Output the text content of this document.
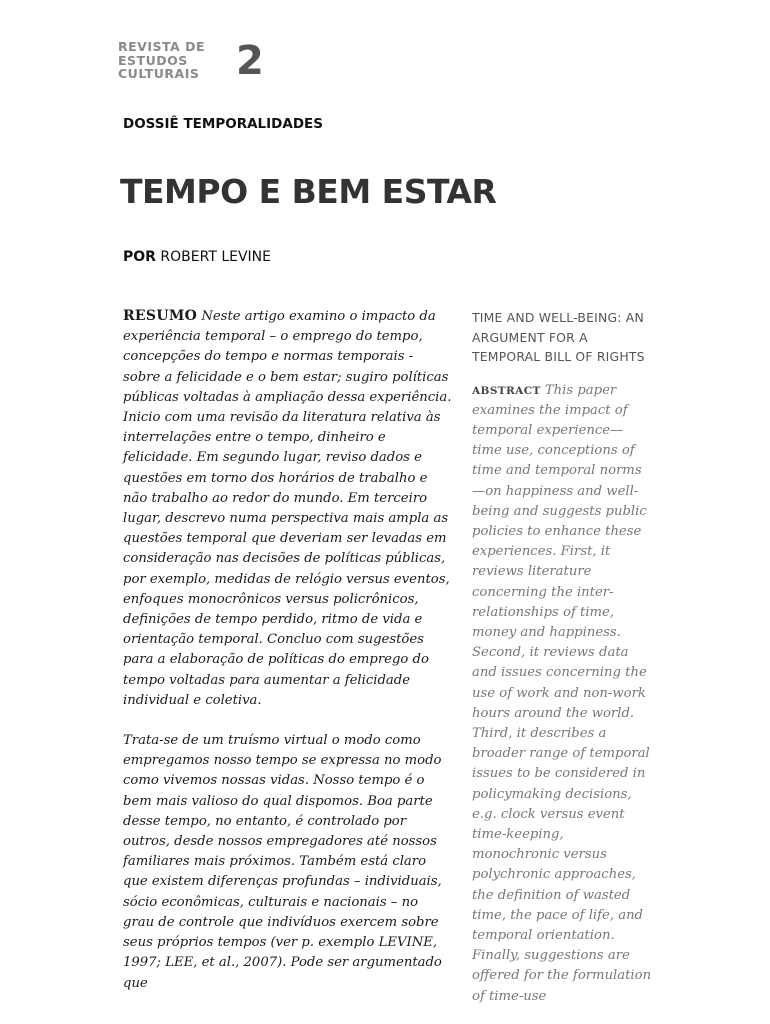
REVISTA DE
ESTUDOS
CULTURAIS 2
DOSSIÊ TEMPORALIDADES
TEMPO E BEM ESTAR
POR ROBERT LEVINE

RESUMO Neste artigo examino o impacto da experiência temporal – o emprego do tempo, concepções do tempo e normas temporais - sobre a felicidade e o bem estar; sugiro políticas públicas voltadas à ampliação dessa experiência. Inicio com uma revisão da literatura relativa às interrelações entre o tempo, dinheiro e felicidade. Em segundo lugar, reviso dados e questões em torno dos horários de trabalho e não trabalho ao redor do mundo. Em terceiro lugar, descrevo numa perspectiva mais ampla as questões temporal que deveriam ser levadas em consideração nas decisões de políticas públicas, por exemplo, medidas de relógio versus eventos, enfoques monocrônicos versus policrônicos, definições de tempo perdido, ritmo de vida e orientação temporal. Concluo com sugestões para a elaboração de políticas do emprego do tempo voltadas para aumentar a felicidade individual e coletiva.

Trata-se de um truísmo virtual o modo como empregamos nosso tempo se expressa no modo como vivemos nossas vidas. Nosso tempo é o bem mais valioso do qual dispomos. Boa parte desse tempo, no entanto, é controlado por outros, desde nossos empregadores até nossos familiares mais próximos. Também está claro que existem diferenças profundas – individuais, sócio econômicas, culturais e nacionais – no grau de controle que indivíduos exercem sobre seus próprios tempos (ver p. exemplo LEVINE, 1997; LEE, et al., 2007). Pode ser argumentado que

TIME AND WELL-BEING: AN ARGUMENT FOR A TEMPORAL BILL OF RIGHTS

ABSTRACT This paper examines the impact of temporal experience—time use, conceptions of time and temporal norms—on happiness and well-being and suggests public policies to enhance these experiences. First, it reviews literature concerning the inter-relationships of time, money and happiness. Second, it reviews data and issues concerning the use of work and non-work hours around the world. Third, it describes a broader range of temporal issues to be considered in policymaking decisions, e.g. clock versus event time-keeping, monochronic versus polychronic approaches, the definition of wasted time, the pace of life, and temporal orientation. Finally, suggestions are offered for the formulation of time-use
